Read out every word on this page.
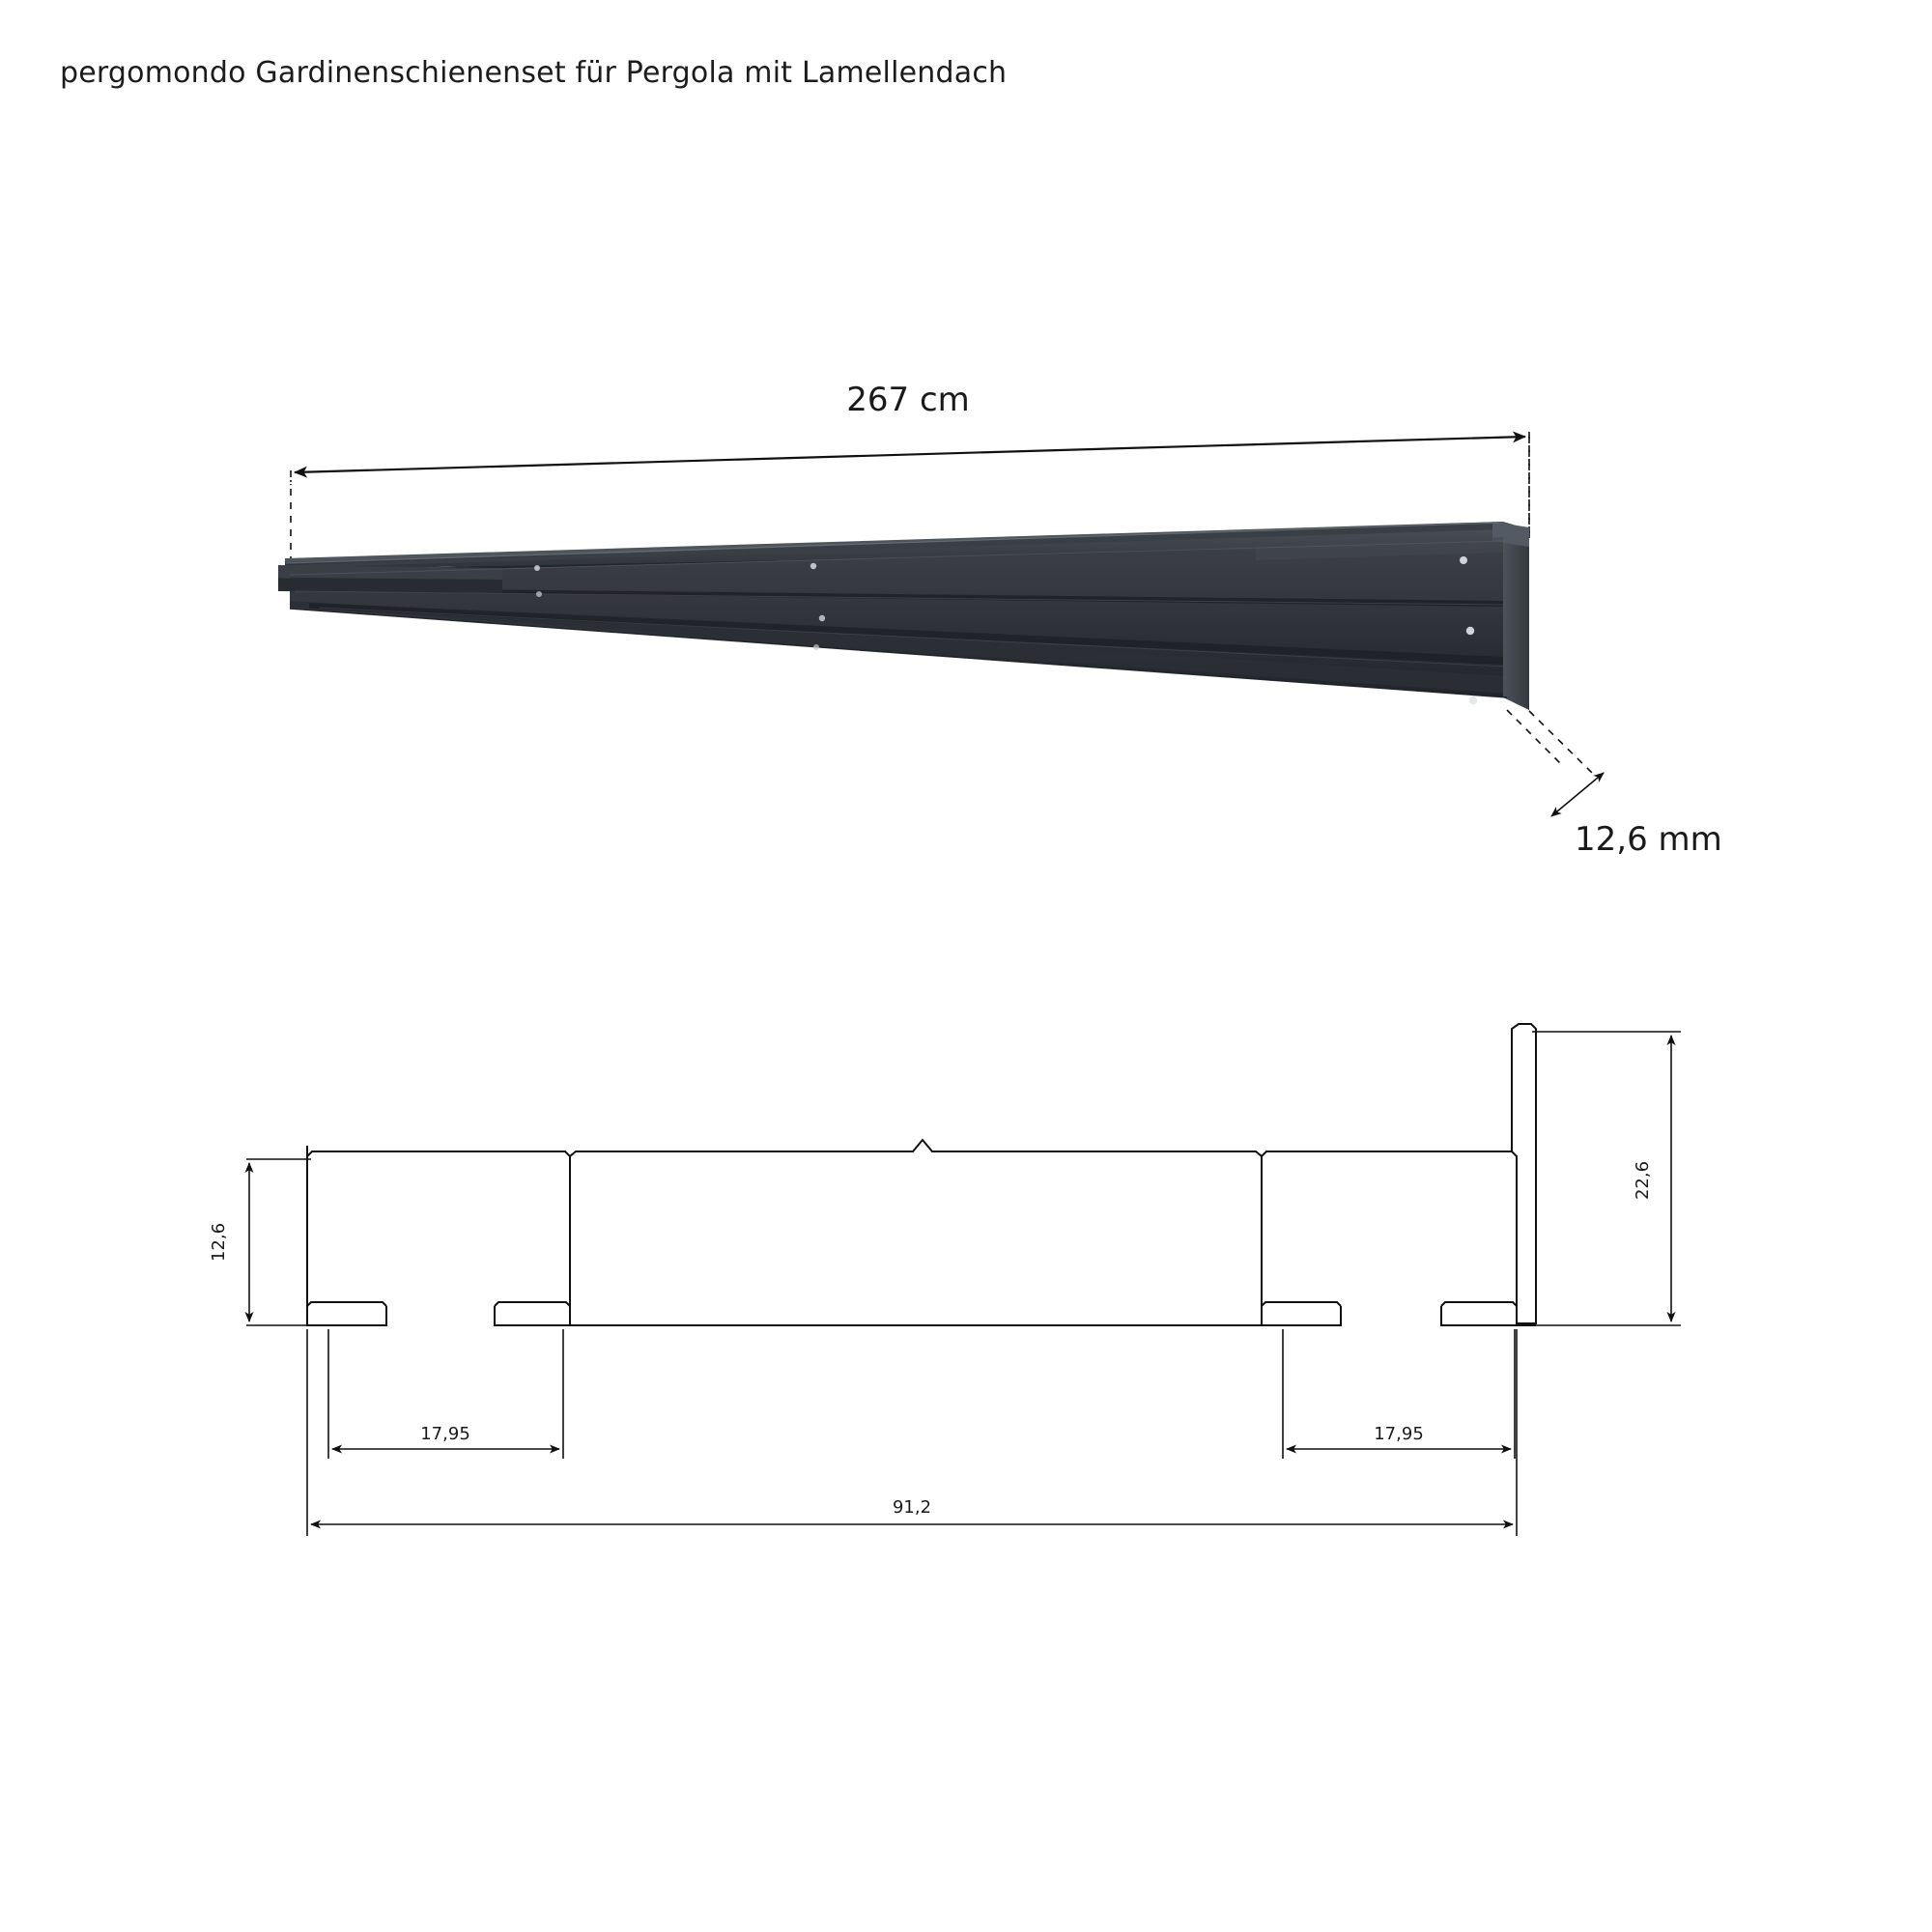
pergomondo Gardinenschienenset für Pergola mit Lamellendach
267 cm
12,6 mm
12,6
22,6
17,95	17,95
91,2
